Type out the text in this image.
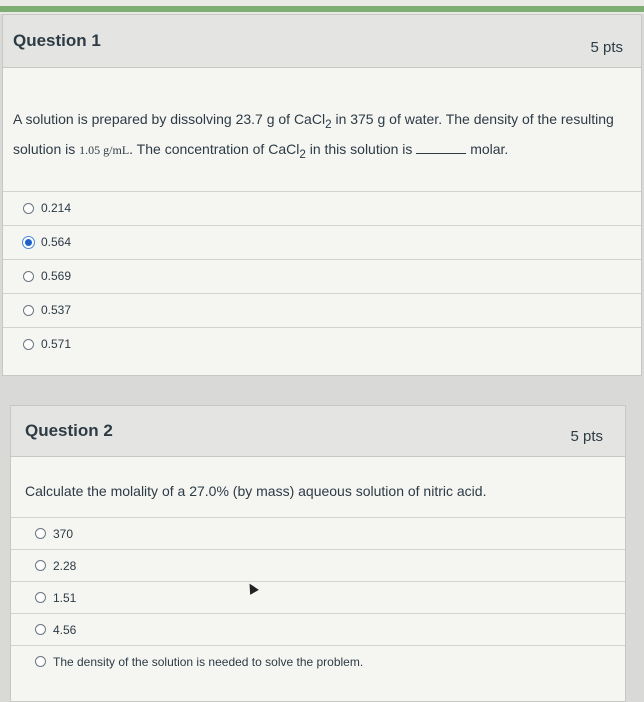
Question 1	5 pts
A solution is prepared by dissolving 23.7 g of CaCl$_2$ in 375 g of water. The density of the resulting solution is 1.05 g/mL. The concentration of CaCl$_2$ in this solution is	molar.
0.214
0.564
0.569
0.537
0.571
Question 2	5 pts
Calculate the molality of a 27.0% (by mass) aqueous solution of nitric acid.
370
2.28
1.51
4.56
The density of the solution is needed to solve the problem.
